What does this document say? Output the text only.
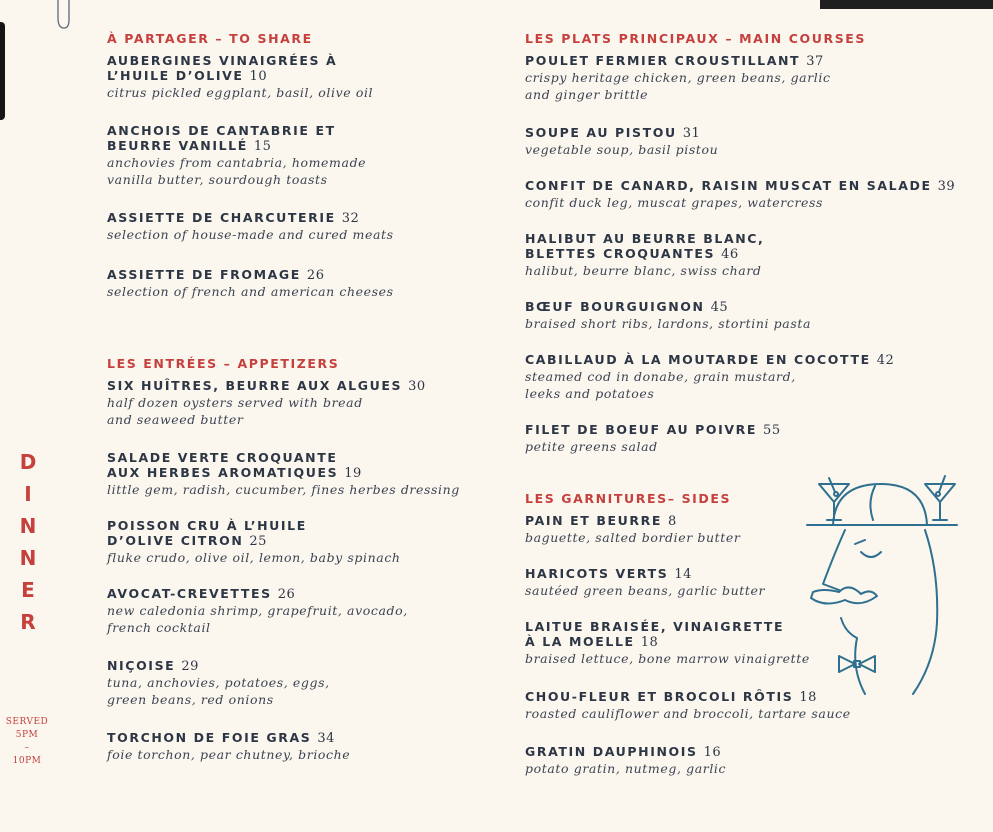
À PARTAGER – TO SHARE

AUBERGINES VINAIGRÉES À

L’HUILE D’OLIVE 10

citrus pickled eggplant, basil, olive oil

ANCHOIS DE CANTABRIE ET

BEURRE VANILLÉ 15

anchovies from cantabria, homemade

vanilla butter, sourdough toasts

ASSIETTE DE CHARCUTERIE 32

selection of house-made and cured meats

ASSIETTE DE FROMAGE 26

selection of french and american cheeses

LES ENTRÉES – APPETIZERS

SIX HUÎTRES, BEURRE AUX ALGUES 30

half dozen oysters served with bread

and seaweed butter

SALADE VERTE CROQUANTE

AUX HERBES AROMATIQUES 19

little gem, radish, cucumber, fines herbes dressing

POISSON CRU À L’HUILE

D’OLIVE CITRON 25

fluke crudo, olive oil, lemon, baby spinach

AVOCAT-CREVETTES 26

new caledonia shrimp, grapefruit, avocado,

french cocktail

NIÇOISE 29

tuna, anchovies, potatoes, eggs,

green beans, red onions

TORCHON DE FOIE GRAS 34

foie torchon, pear chutney, brioche

LES PLATS PRINCIPAUX – MAIN COURSES

POULET FERMIER CROUSTILLANT 37

crispy heritage chicken, green beans, garlic

and ginger brittle

SOUPE AU PISTOU 31

vegetable soup, basil pistou

CONFIT DE CANARD, RAISIN MUSCAT EN SALADE 39

confit duck leg, muscat grapes, watercress

HALIBUT AU BEURRE BLANC,

BLETTES CROQUANTES 46

halibut, beurre blanc, swiss chard

BŒUF BOURGUIGNON 45

braised short ribs, lardons, stortini pasta

CABILLAUD À LA MOUTARDE EN COCOTTE 42

steamed cod in donabe, grain mustard,

leeks and potatoes

FILET DE BOEUF AU POIVRE 55

petite greens salad

LES GARNITURES– SIDES

PAIN ET BEURRE 8

baguette, salted bordier butter

HARICOTS VERTS 14

sautéed green beans, garlic butter

LAITUE BRAISÉE, VINAIGRETTE

À LA MOELLE 18

braised lettuce, bone marrow vinaigrette

CHOU-FLEUR ET BROCOLI RÔTIS 18

roasted cauliflower and broccoli, tartare sauce

GRATIN DAUPHINOIS 16

potato gratin, nutmeg, garlic

D
I
N
N
E
R
SERVED
5PM
–
10PM
